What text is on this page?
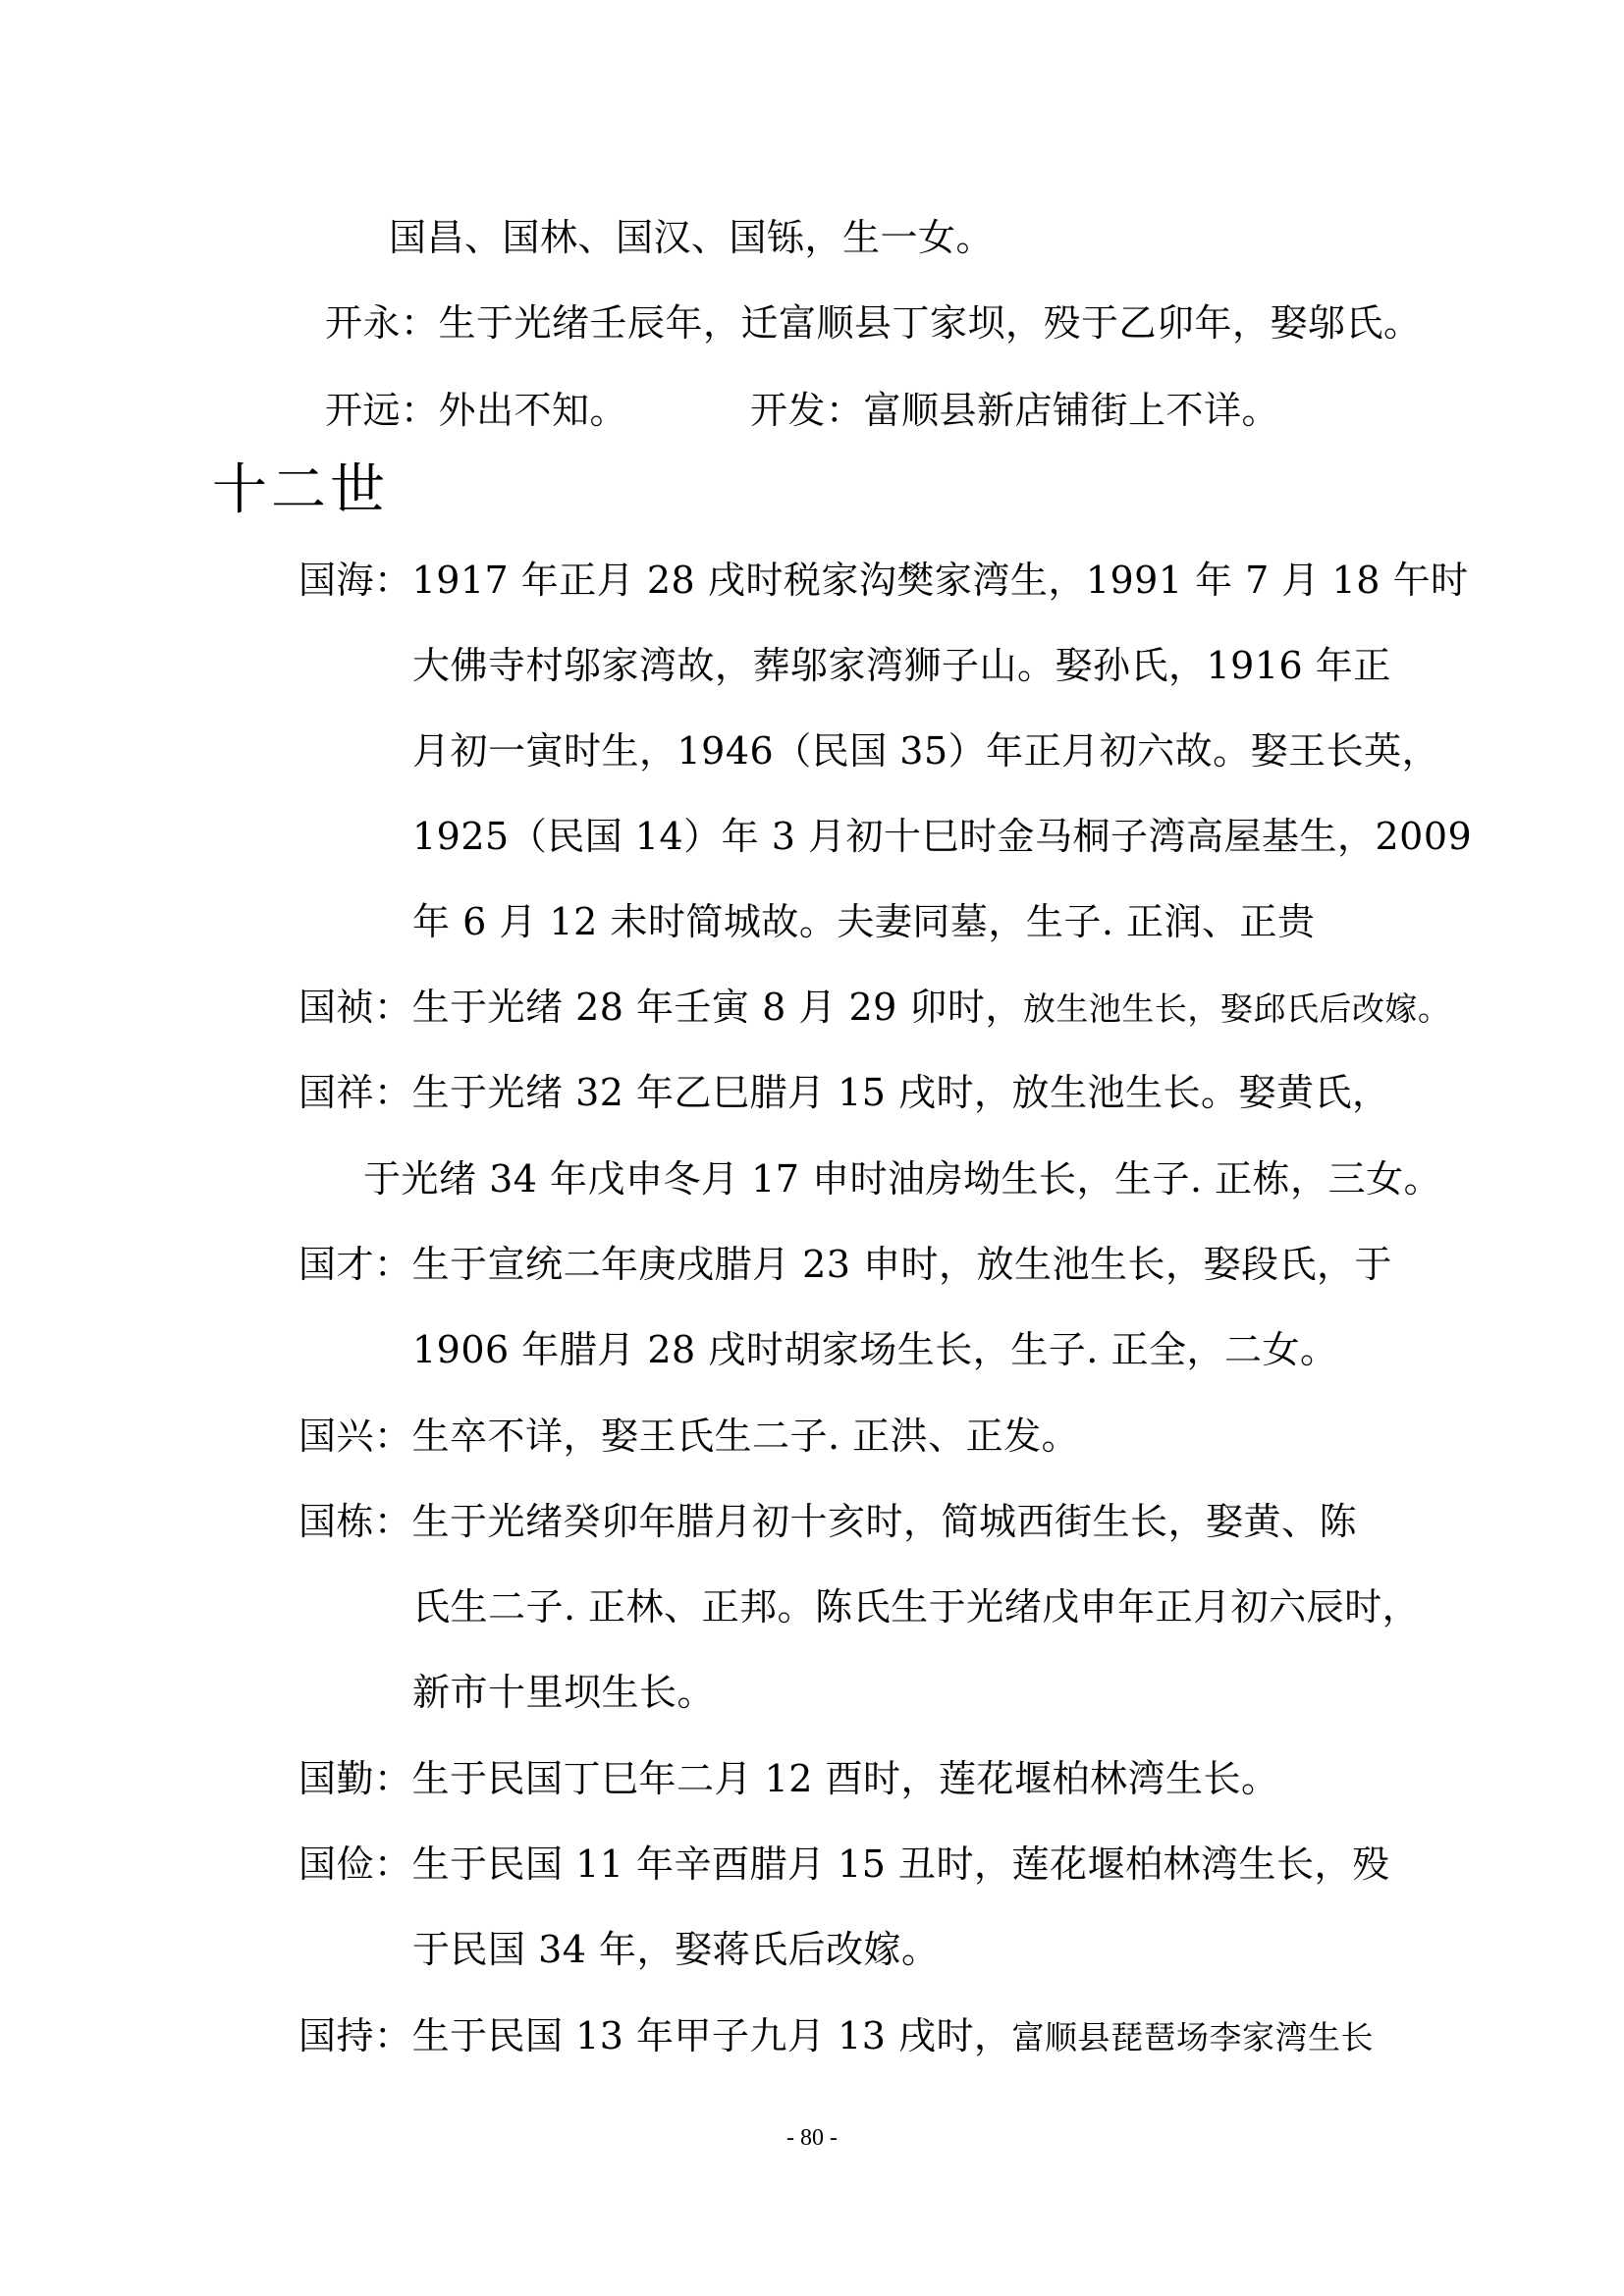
国昌、国林、国汉、国铄，生一女。
开永：生于光绪壬辰年，迁富顺县丁家坝，殁于乙卯年，娶邬氏。
开远：外出不知。	开发：富顺县新店铺街上不详。
十二世
国海：1917 年正月 28 戌时税家沟樊家湾生，1991 年 7 月 18 午时
大佛寺村邬家湾故，葬邬家湾狮子山。娶孙氏，1916 年正
月初一寅时生，1946（民国 35）年正月初六故。娶王长英，
1925（民国 14）年 3 月初十巳时金马桐子湾高屋基生，2009
年 6 月 12 未时简城故。夫妻同墓，生子. 正润、正贵
国祯：生于光绪 28 年壬寅 8 月 29 卯时，放生池生长，娶邱氏后改嫁。
国祥：生于光绪 32 年乙巳腊月 15 戌时，放生池生长。娶黄氏，
于光绪 34 年戊申冬月 17 申时油房坳生长，生子. 正栋，三女。
国才：生于宣统二年庚戌腊月 23 申时，放生池生长，娶段氏，于
1906 年腊月 28 戌时胡家场生长，生子. 正全，二女。
国兴：生卒不详，娶王氏生二子. 正洪、正发。
国栋：生于光绪癸卯年腊月初十亥时，简城西街生长，娶黄、陈
氏生二子. 正林、正邦。陈氏生于光绪戊申年正月初六辰时，
新市十里坝生长。
国勤：生于民国丁巳年二月 12 酉时，莲花堰柏林湾生长。
国俭：生于民国 11 年辛酉腊月 15 丑时，莲花堰柏林湾生长，殁
于民国 34 年，娶蒋氏后改嫁。
国持：生于民国 13 年甲子九月 13 戌时，富顺县琵琶场李家湾生长
- 80 -
